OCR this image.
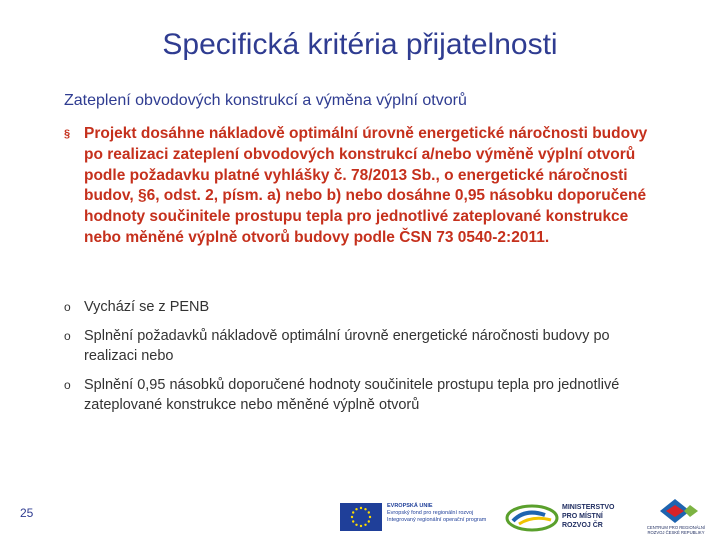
Specifická kritéria přijatelnosti
Zateplení obvodových konstrukcí a výměna výplní otvorů
§ Projekt dosáhne nákladově optimální úrovně energetické náročnosti budovy po realizaci zateplení obvodových konstrukcí a/nebo výměně výplní otvorů podle požadavku platné vyhlášky č. 78/2013 Sb., o energetické náročnosti budov, §6, odst. 2, písm. a) nebo b) nebo dosáhne 0,95 násobku doporučené hodnoty součinitele prostupu tepla pro jednotlivé zateplované konstrukce nebo měněné výplně otvorů budovy podle ČSN 73 0540-2:2011.
o Vychází se z PENB
o Splnění požadavků nákladově optimální úrovně energetické náročnosti budovy po realizaci nebo
o Splnění 0,95 násobků doporučené hodnoty součinitele prostupu tepla pro jednotlivé zateplované konstrukce nebo měněné výplně otvorů
25	EVROPSKÁ UNIE
Evropský fond pro regionální rozvoj
Integrovaný regionální operační program
MINISTERSTVO
PRO MÍSTNÍ
ROZVOJ ČR	CENTRUM PRO REGIONÁLNÍ ROZVOJ ČESKÉ REPUBLIKY
